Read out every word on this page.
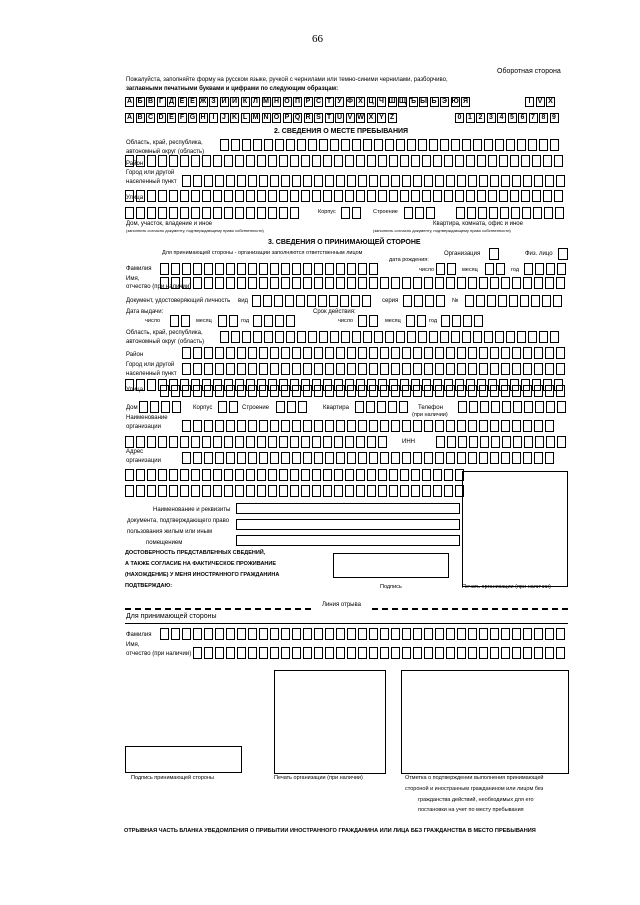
66
Оборотная сторона
Пожалуйста, заполняйте форму на русском языке, ручкой с чернилами или темно-синими чернилами, разборчиво,
заглавными печатными буквами и цифрами по следующим образцам:
А Б В Г Д Е Ё Ж З И Й К Л М Н О П Р С Т У Ф Х Ц Ч Ш Щ Ъ Ы Ь Э Ю Я	I	V X
A B C D E F G H I	J K L M N O P Q R S T U V W X Y Z	0 1 2 3 4 5 6 7 8 9
2. СВЕДЕНИЯ О МЕСТЕ ПРЕБЫВАНИЯ
Область, край, республика,
автономный округ (область)
Район
Город или другой
населенный пункт
Улица
Корпус	Строение
Дом, участок, владение и иное
(заполнить согласно документу, подтверждающему право собственности)
Квартира, комната, офис и иное
(заполнить согласно документу, подтверждающему право собственности)
3. СВЕДЕНИЯ О ПРИНИМАЮЩЕЙ СТОРОНЕ
Для принимающей стороны - организации заполняются ответственным лицом	Организация	Физ. лицо
дата рождения:
Фамилия	число	месяц	год
Имя,
отчество (при наличии)
Документ, удостоверяющий личность вид	серия	№
Дата выдачи:	Срок действия:
число	месяц	год	число	месяц	год
Область, край, республика,
автономный округ (область)
Район
Город или другой
населенный пункт
Улица
Дом	Корпус	Строение	Квартира	Телефон
(при наличии)
Наименование
организации
ИНН
Адрес
организации
Наименование и реквизиты
документа, подтверждающего право
пользования жилым или иным
помещением
ДОСТОВЕРНОСТЬ ПРЕДСТАВЛЕННЫХ СВЕДЕНИЙ,
А ТАКЖЕ СОГЛАСИЕ НА ФАКТИЧЕСКОЕ ПРОЖИВАНИЕ
(НАХОЖДЕНИЕ) У МЕНЯ ИНОСТРАННОГО ГРАЖДАНИНА
ПОДТВЕРЖДАЮ:	Подпись	Печать организации (при наличии)
Линия отрыва
Для принимающей стороны
Фамилия
Имя,
отчество (при наличии)
Подпись принимающей стороны	Печать организации (при наличии)	Отметка о подтверждении выполнения принимающей
стороной и иностранным гражданином или лицом без
гражданства действий, необходимых для его
постановки на учет по месту пребывания
ОТРЫВНАЯ ЧАСТЬ БЛАНКА УВЕДОМЛЕНИЯ О ПРИБЫТИИ ИНОСТРАННОГО ГРАЖДАНИНА ИЛИ ЛИЦА БЕЗ ГРАЖДАНСТВА В МЕСТО ПРЕБЫВАНИЯ
